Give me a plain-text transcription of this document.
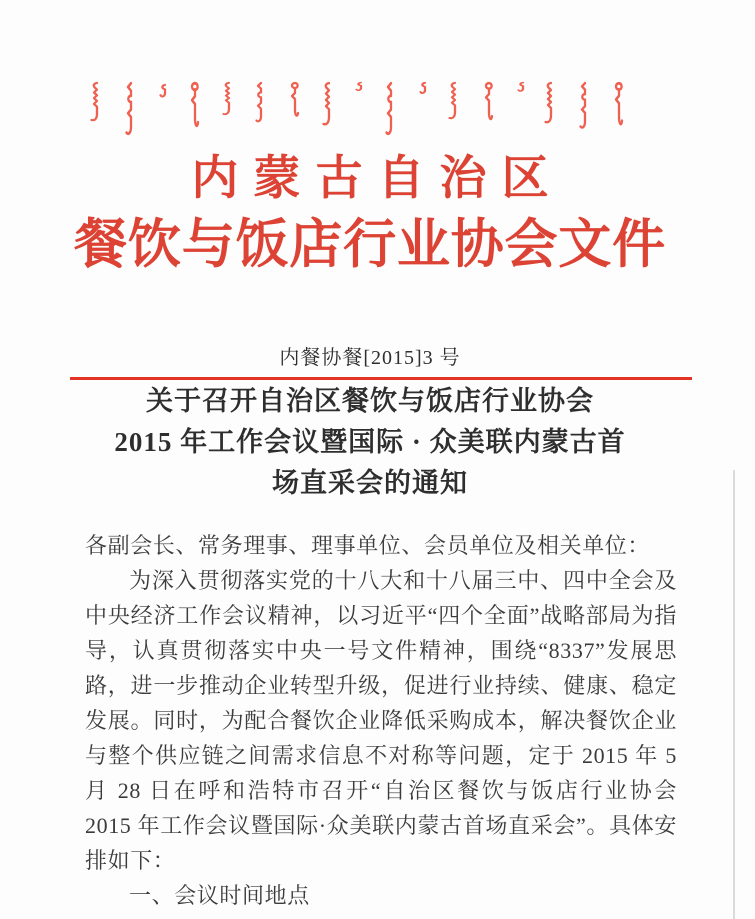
内蒙古自治区
餐饮与饭店行业协会文件
内餐协餐[2015]3 号
关于召开自治区餐饮与饭店行业协会
2015 年工作会议暨国际 · 众美联内蒙古首
场直采会的通知
各副会长、常务理事、理事单位、会员单位及相关单位：

为深入贯彻落实党的十八大和十八届三中、四中全会及中央经济工作会议精神，以习近平“四个全面”战略部局为指导，认真贯彻落实中央一号文件精神，围绕“8337”发展思路，进一步推动企业转型升级，促进行业持续、健康、稳定发展。同时，为配合餐饮企业降低采购成本，解决餐饮企业与整个供应链之间需求信息不对称等问题，定于 2015 年 5 月 28 日在呼和浩特市召开“自治区餐饮与饭店行业协会 2015 年工作会议暨国际·众美联内蒙古首场直采会”。具体安排如下：

一、会议时间地点
